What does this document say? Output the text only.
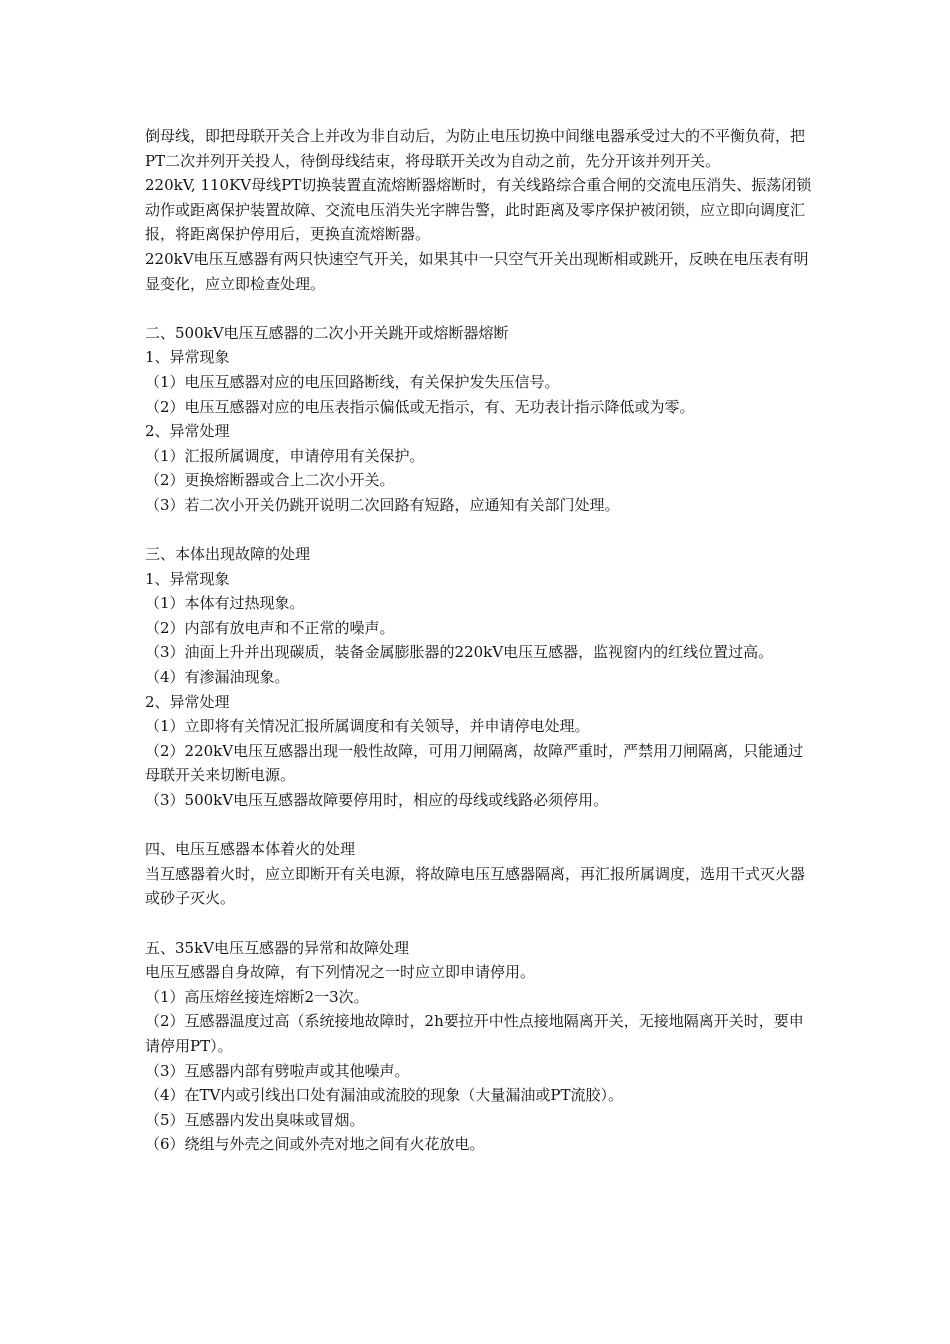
倒母线，即把母联开关合上并改为非自动后，为防止电压切换中间继电器承受过大的不平衡负荷，把PT二次并列开关投人，待倒母线结束，将母联开关改为自动之前，先分开该并列开关。
220kV, 110KV母线PT切换装置直流熔断器熔断时，有关线路综合重合闸的交流电压消失、振荡闭锁动作或距离保护装置故障、交流电压消失光字牌告警，此时距离及零序保护被闭锁，应立即向调度汇报，将距离保护停用后，更换直流熔断器。
220kV电压互感器有两只快速空气开关，如果其中一只空气开关出现断相或跳开，反映在电压表有明显变化，应立即检查处理。
二、500kV电压互感器的二次小开关跳开或熔断器熔断
1、异常现象
（1）电压互感器对应的电压回路断线，有关保护发失压信号。
（2）电压互感器对应的电压表指示偏低或无指示，有、无功表计指示降低或为零。
2、异常处理
（1）汇报所属调度，申请停用有关保护。
（2）更换熔断器或合上二次小开关。
（3）若二次小开关仍跳开说明二次回路有短路，应通知有关部门处理。
三、本体出现故障的处理
1、异常现象
（1）本体有过热现象。
（2）内部有放电声和不正常的噪声。
（3）油面上升并出现碳质，装备金属膨胀器的220kV电压互感器，监视窗内的红线位置过高。
（4）有渗漏油现象。
2、异常处理
（1）立即将有关情况汇报所属调度和有关领导，并申请停电处理。
（2）220kV电压互感器出现一般性故障，可用刀闸隔离，故障严重时，严禁用刀闸隔离，只能通过母联开关来切断电源。
（3）500kV电压互感器故障要停用时，相应的母线或线路必须停用。
四、电压互感器本体着火的处理
当互感器着火时，应立即断开有关电源，将故障电压互感器隔离，再汇报所属调度，选用干式灭火器或砂子灭火。
五、35kV电压互感器的异常和故障处理
电压互感器自身故障，有下列情况之一时应立即申请停用。
（1）高压熔丝接连熔断2一3次。
（2）互感器温度过高（系统接地故障时，2h要拉开中性点接地隔离开关，无接地隔离开关时，要申请停用PT）。
（3）互感器内部有劈啦声或其他噪声。
（4）在TV内或引线出口处有漏油或流胶的现象（大量漏油或PT流胶）。
（5）互感器内发出臭味或冒烟。
（6）绕组与外壳之间或外壳对地之间有火花放电。
